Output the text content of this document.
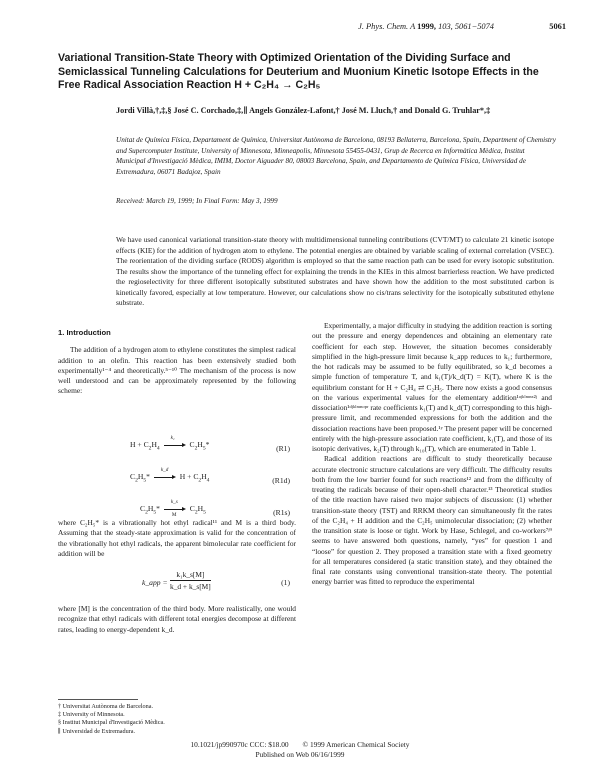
J. Phys. Chem. A 1999, 103, 5061−5074	5061
Variational Transition-State Theory with Optimized Orientation of the Dividing Surface and Semiclassical Tunneling Calculations for Deuterium and Muonium Kinetic Isotope Effects in the Free Radical Association Reaction H + C₂H₄ → C₂H₅
Jordi Villà,†,‡,§ José C. Corchado,‡,∥ Angels González-Lafont,† José M. Lluch,† and Donald G. Truhlar*,‡
Unitat de Química Física, Departament de Química, Universitat Autònoma de Barcelona, 08193 Bellaterra, Barcelona, Spain, Department of Chemistry and Supercomputer Institute, University of Minnesota, Minneapolis, Minnesota 55455-0431, Grup de Recerca en Informàtica Mèdica, Institut Municipal d'Investigació Mèdica, IMIM, Doctor Aiguader 80, 08003 Barcelona, Spain, and Departamento de Química Física, Universidad de Extremadura, 06071 Badajoz, Spain
Received: March 19, 1999; In Final Form: May 3, 1999
We have used canonical variational transition-state theory with multidimensional tunneling contributions (CVT/MT) to calculate 21 kinetic isotope effects (KIE) for the addition of hydrogen atom to ethylene. The potential energies are obtained by variable scaling of external correlation (VSEC). The reorientation of the dividing surface (RODS) algorithm is employed so that the same reaction path can be used for every isotopic substitution. The results show the importance of the tunneling effect for explaining the trends in the KIEs in this almost barrierless reaction. We have predicted the regioselectivity for three different isotopically substituted substrates and have shown how the addition to the most substituted carbon is kinetically favored, especially at low temperature. However, our calculations show no cis/trans selectivity for the isotopically substituted ethylene substrate.
1. Introduction

The addition of a hydrogen atom to ethylene constitutes the simplest radical addition to an olefin. This reaction has been extensively studied both experimentally¹⁻⁴ and theoretically.⁵⁻¹⁰ The mechanism of the process is now well understood and can be approximately represented by the following scheme:

$H + C_2H_4$
k₁
$C_2H_5*$	(R1)
$C_2H_5*$
k_d
$H + C_2H_4$	(R1d)
$C_2H_5*$
k_s
M
$C_2H_5$	(R1s)

where C₂H₅* is a vibrationally hot ethyl radical¹¹ and M is a third body. Assuming that the steady-state approximation is valid for the concentration of the vibrationally hot ethyl radicals, the apparent bimolecular rate coefficient for addition will be

k_app = $\frac{\text{k₁k\_s[M]}}{k\_d + k\_s[M]}$	(1)

where [M] is the concentration of the third body. More realistically, one would recognize that ethyl radicals with different total energies decompose at different rates, leading to energy-dependent k_d.

† Universitat Autònoma de Barcelona.
‡ University of Minnesota.
§ Institut Municipal d'Investigació Mèdica.
∥ Universidad de Extremadura.

Experimentally, a major difficulty in studying the addition reaction is sorting out the pressure and energy dependences and obtaining an elementary rate coefficient for each step. However, the situation becomes considerably simplified in the high-pressure limit because k_app reduces to k₁; furthermore, the hot radicals may be assumed to be fully equilibrated, so k_d becomes a simple function of temperature T, and k₁(T)/k_d(T) = K(T), where K is the equilibrium constant for H + C₂H₄ ⇄ C₂H₅. There now exists a good consensus on the various experimental values for the elementary addition¹ᵃʲᵏˡᵐⁿˣ²ʲ and dissociation¹ᵈʲᵏˡᵐⁿᵒᵖʳ rate coefficients k₁(T) and k_d(T) corresponding to this high-pressure limit, and recommended expressions for both the addition and the dissociation reactions have been proposed.¹ʸ The present paper will be concerned entirely with the high-pressure association rate coefficient, k₁(T), and those of its isotopic derivatives, k₂(T) through k₁₀(T), which are enumerated in Table 1.

Radical addition reactions are difficult to study theoretically because accurate electronic structure calculations are very difficult. The difficulty results both from the low barrier found for such reactions¹² and from the difficulty of treating the radicals because of their open-shell character.¹³ Theoretical studies of the title reaction have raised two major subjects of discussion: (1) whether transition-state theory (TST) and RRKM theory can simultaneously fit the rates of the C₂H₄ + H addition and the C₂H₅ unimolecular dissociation; (2) whether the transition state is loose or tight. Work by Hase, Schlegel, and co-workers⁷ʲ⁹ seems to have answered both questions, namely, “yes” for question 1 and “loose” for question 2. They proposed a transition state with a fixed geometry for all temperatures considered (a static transition state), and they obtained the final rate constants using conventional transition-state theory. The potential energy barrier was fitted to reproduce the experimental

10.1021/jp990970c CCC: $18.00 © 1999 American Chemical Society
Published on Web 06/16/1999
